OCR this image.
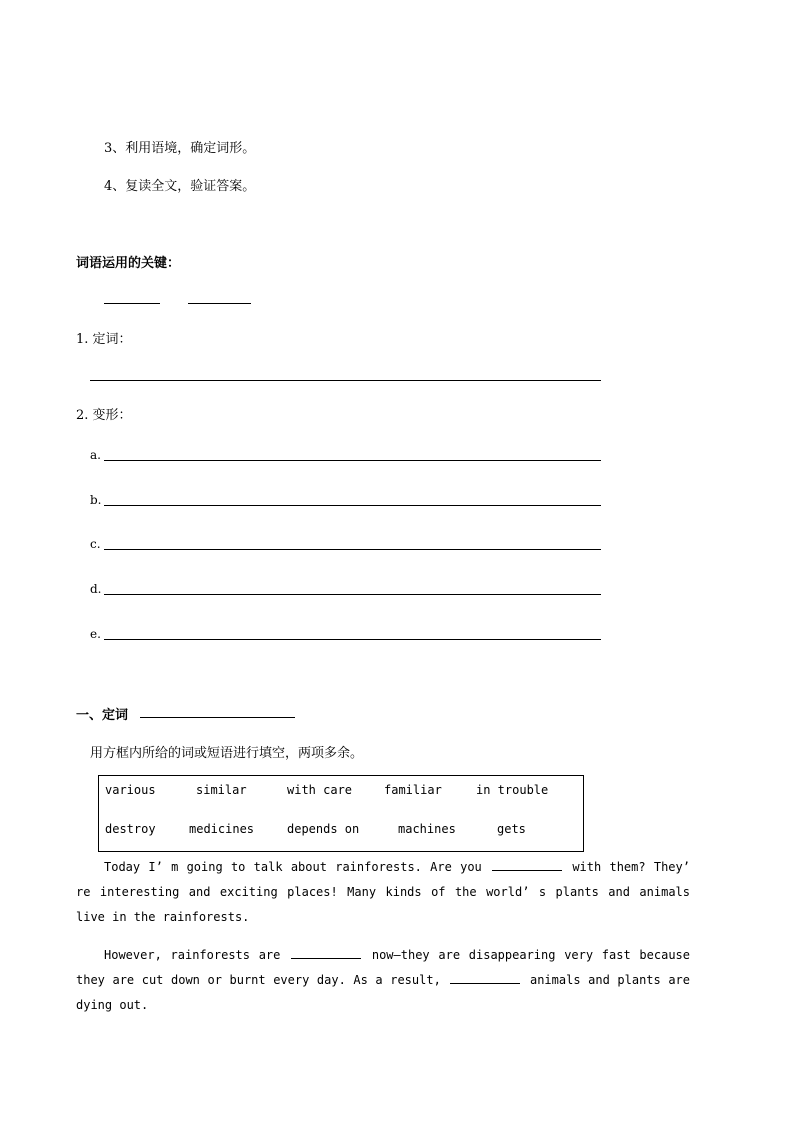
3、利用语境，确定词形。
4、复读全文，验证答案。
词语运用的关键：
1. 定词：
2. 变形：
a.
b.
c.
d.
e.
一、定词
用方框内所给的词或短语进行填空，两项多余。
various	similar	with care	familiar	in trouble
destroy	medicines	depends on	machines	gets
Today I’ m going to talk about rainforests. Are you	with them? They’ re interesting and exciting places! Many kinds of the world’ s plants and animals live in the rainforests.
However, rainforests are	now—they are disappearing very fast because they are cut down or burnt every day. As a result,	animals and plants are dying out.
